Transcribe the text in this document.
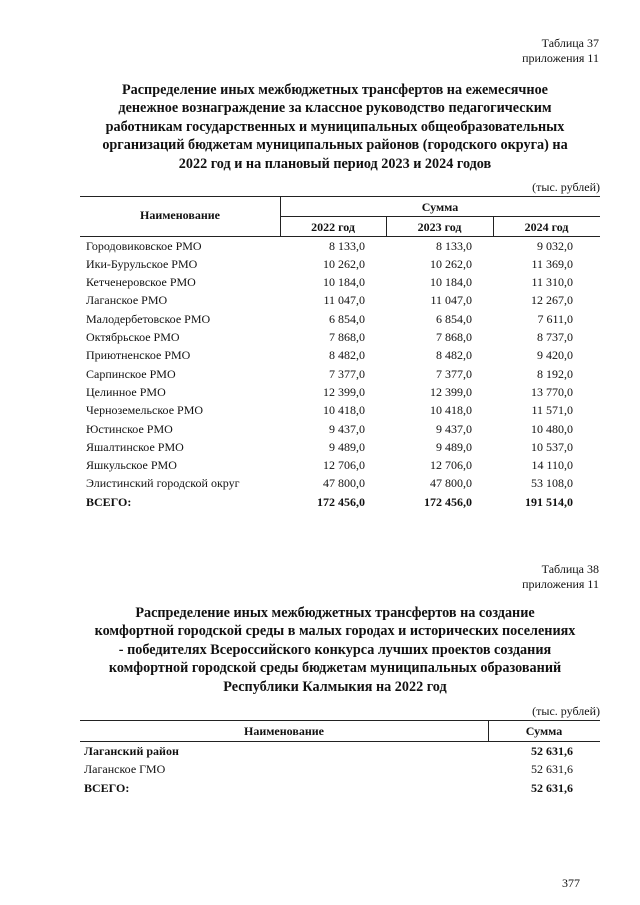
Таблица 37
приложения 11
Распределение иных межбюджетных трансфертов на ежемесячное
денежное вознаграждение за классное руководство педагогическим
работникам государственных и муниципальных общеобразовательных
организаций бюджетам муниципальных районов (городского округа) на
2022 год и на плановый период 2023 и 2024 годов
(тыс. рублей)
Наименование
Сумма
2022 год	2023 год	2024 год
Городовиковское РМО	8 133,0	8 133,0	9 032,0
Ики-Бурульское РМО	10 262,0	10 262,0	11 369,0
Кетченеровское РМО	10 184,0	10 184,0	11 310,0
Лаганское РМО	11 047,0	11 047,0	12 267,0
Малодербетовское РМО	6 854,0	6 854,0	7 611,0
Октябрьское РМО	7 868,0	7 868,0	8 737,0
Приютненское РМО	8 482,0	8 482,0	9 420,0
Сарпинское РМО	7 377,0	7 377,0	8 192,0
Целинное РМО	12 399,0	12 399,0	13 770,0
Черноземельское РМО	10 418,0	10 418,0	11 571,0
Юстинское РМО	9 437,0	9 437,0	10 480,0
Яшалтинское РМО	9 489,0	9 489,0	10 537,0
Яшкульское РМО	12 706,0	12 706,0	14 110,0
Элистинский городской округ	47 800,0	47 800,0	53 108,0
ВСЕГО:	172 456,0	172 456,0	191 514,0
Таблица 38
приложения 11
Распределение иных межбюджетных трансфертов на создание
комфортной городской среды в малых городах и исторических поселениях
- победителях Всероссийского конкурса лучших проектов создания
комфортной городской среды бюджетам муниципальных образований
Республики Калмыкия на 2022 год
(тыс. рублей)
Наименование	Сумма
Лаганский район	52 631,6
Лаганское ГМО	52 631,6
ВСЕГО:	52 631,6
377
